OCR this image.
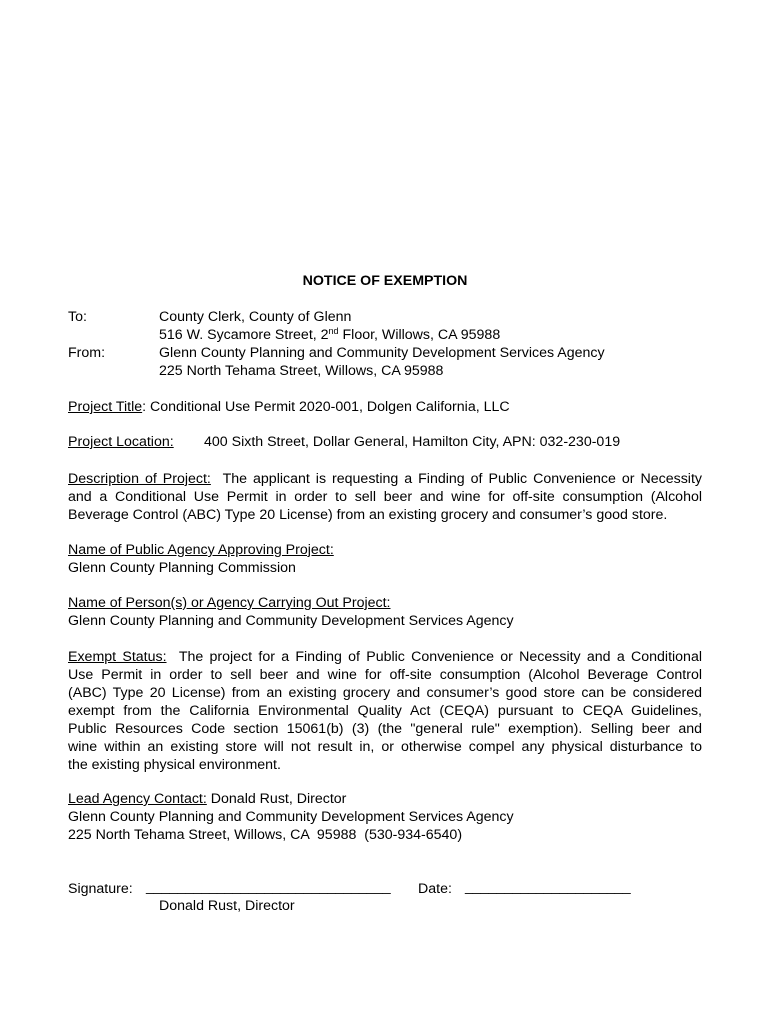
NOTICE OF EXEMPTION
To:	County Clerk, County of Glenn
516 W. Sycamore Street, 2nd Floor, Willows, CA 95988
From:	Glenn County Planning and Community Development Services Agency
225 North Tehama Street, Willows, CA 95988
Project Title: Conditional Use Permit 2020-001, Dolgen California, LLC
Project Location: 400 Sixth Street, Dollar General, Hamilton City, APN: 032-230-019
Description of Project: The applicant is requesting a Finding of Public Convenience or Necessity
and a Conditional Use Permit in order to sell beer and wine for off-site consumption (Alcohol
Beverage Control (ABC) Type 20 License) from an existing grocery and consumer’s good store.
Name of Public Agency Approving Project:
Glenn County Planning Commission
Name of Person(s) or Agency Carrying Out Project:
Glenn County Planning and Community Development Services Agency
Exempt Status: The project for a Finding of Public Convenience or Necessity and a Conditional
Use Permit in order to sell beer and wine for off-site consumption (Alcohol Beverage Control
(ABC) Type 20 License) from an existing grocery and consumer’s good store can be considered
exempt from the California Environmental Quality Act (CEQA) pursuant to CEQA Guidelines,
Public Resources Code section 15061(b) (3) (the "general rule" exemption). Selling beer and
wine within an existing store will not result in, or otherwise compel any physical disturbance to
the existing physical environment.
Lead Agency Contact: Donald Rust, Director
Glenn County Planning and Community Development Services Agency
225 North Tehama Street, Willows, CA  95988  (530-934-6540)
Signature: _______________________________ Date: _____________________
Donald Rust, Director
